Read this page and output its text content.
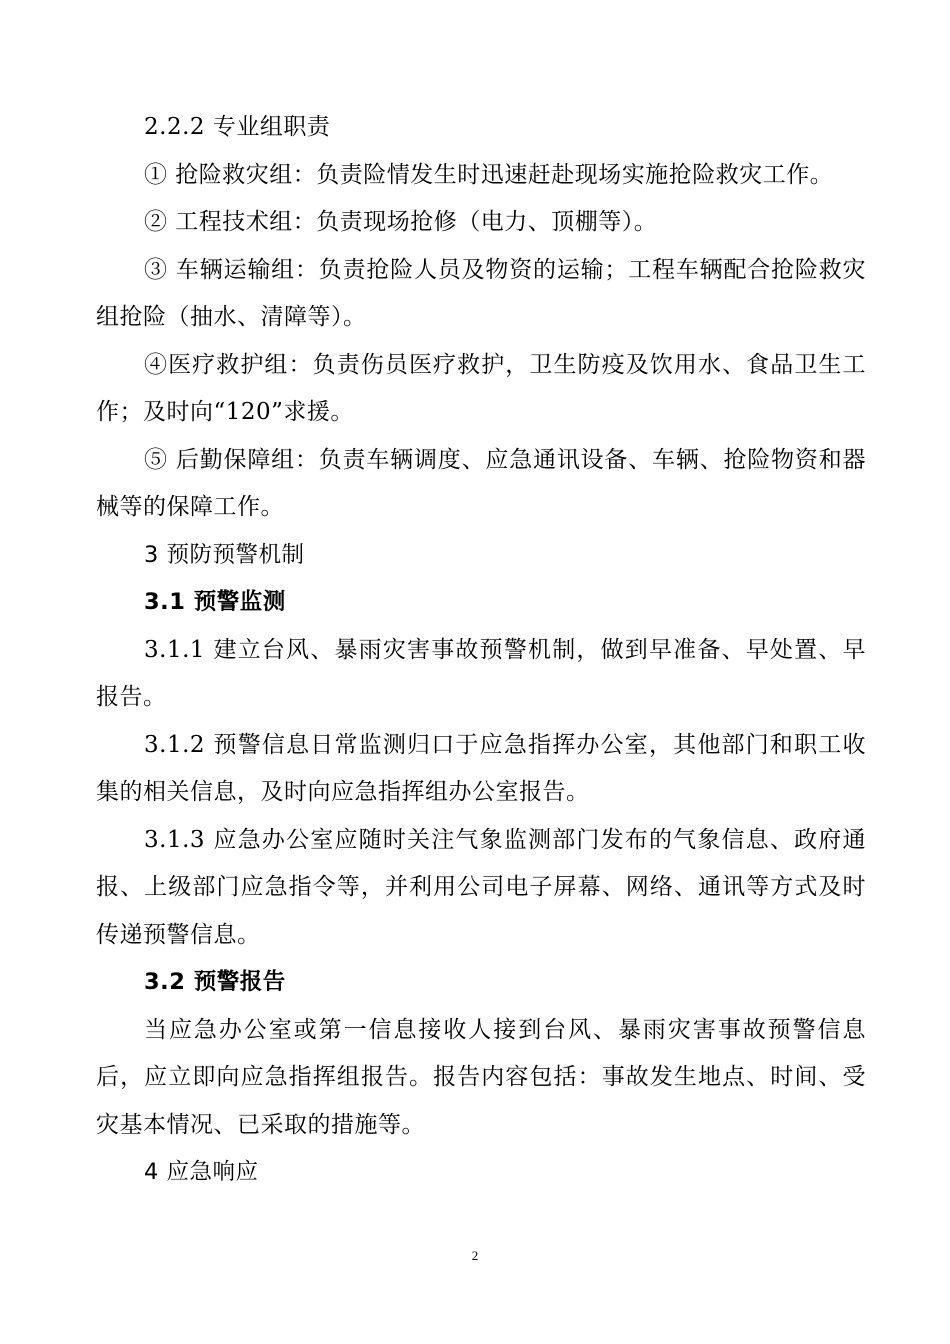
2.2.2 专业组职责

① 抢险救灾组：负责险情发生时迅速赶赴现场实施抢险救灾工作。

② 工程技术组：负责现场抢修（电力、顶棚等）。

③ 车辆运输组：负责抢险人员及物资的运输；工程车辆配合抢险救灾组抢险（抽水、清障等）。

④医疗救护组：负责伤员医疗救护，卫生防疫及饮用水、食品卫生工作；及时向“120”求援。

⑤ 后勤保障组：负责车辆调度、应急通讯设备、车辆、抢险物资和器械等的保障工作。

3 预防预警机制

3.1 预警监测

3.1.1 建立台风、暴雨灾害事故预警机制，做到早准备、早处置、早报告。

3.1.2 预警信息日常监测归口于应急指挥办公室，其他部门和职工收集的相关信息，及时向应急指挥组办公室报告。

3.1.3 应急办公室应随时关注气象监测部门发布的气象信息、政府通报、上级部门应急指令等，并利用公司电子屏幕、网络、通讯等方式及时传递预警信息。

3.2 预警报告

当应急办公室或第一信息接收人接到台风、暴雨灾害事故预警信息后，应立即向应急指挥组报告。报告内容包括：事故发生地点、时间、受灾基本情况、已采取的措施等。

4 应急响应

2
